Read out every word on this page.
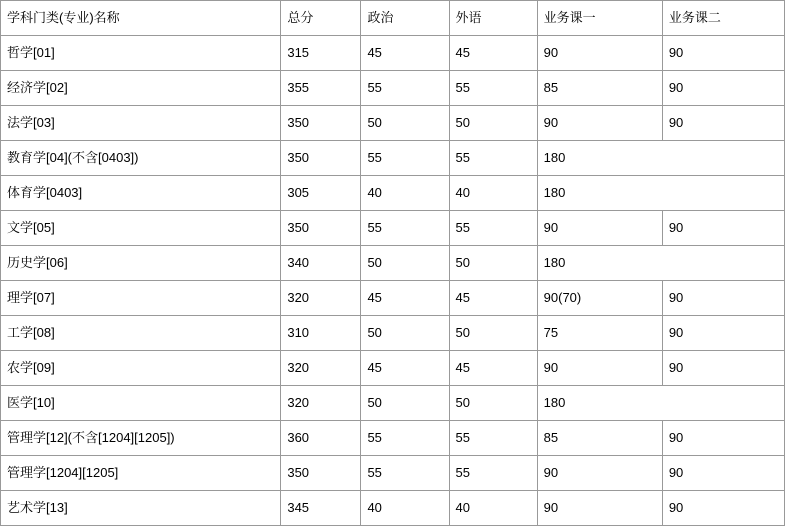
学科门类(专业)名称	总分	政治	外语	业务课一	业务课二
哲学[01]	315	45	45	90	90
经济学[02]	355	55	55	85	90
法学[03]	350	50	50	90	90
教育学[04](不含[0403])	350	55	55	180	
体育学[0403]	305	40	40	180	
文学[05]	350	55	55	90	90
历史学[06]	340	50	50	180	
理学[07]	320	45	45	90(70)	90
工学[08]	310	50	50	75	90
农学[09]	320	45	45	90	90
医学[10]	320	50	50	180	
管理学[12](不含[1204][1205])	360	55	55	85	90
管理学[1204][1205]	350	55	55	90	90
艺术学[13]	345	40	40	90	90
